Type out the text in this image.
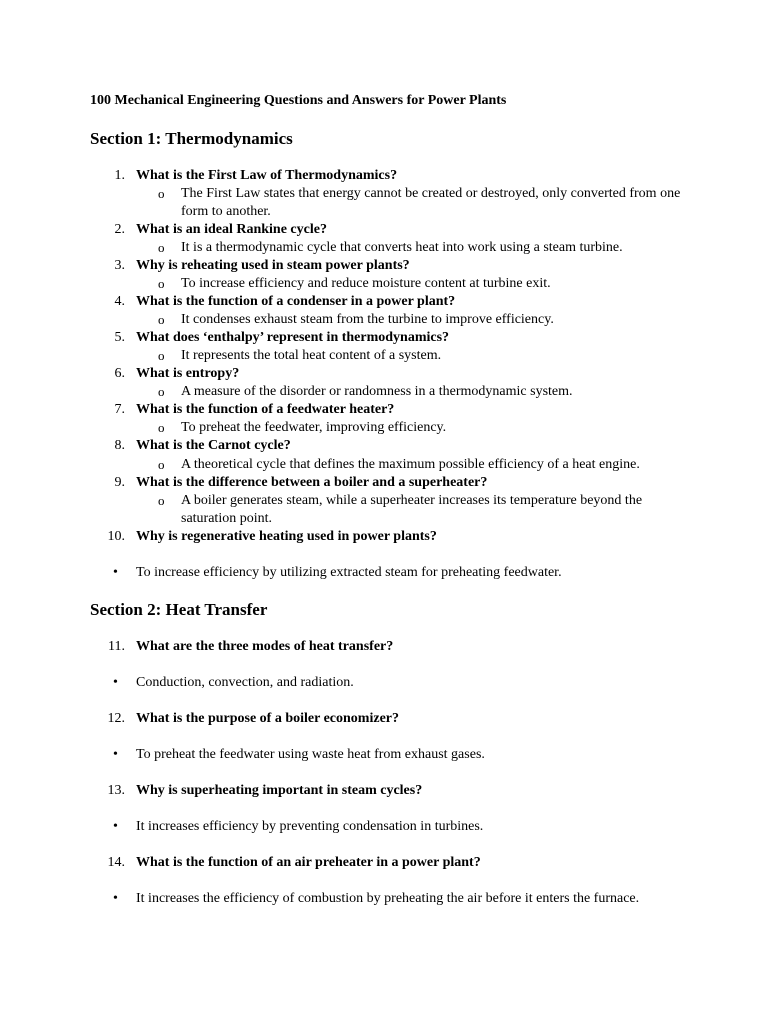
100 Mechanical Engineering Questions and Answers for Power Plants
Section 1: Thermodynamics
1. What is the First Law of Thermodynamics?
o The First Law states that energy cannot be created or destroyed, only converted from one form to another.
2. What is an ideal Rankine cycle?
o It is a thermodynamic cycle that converts heat into work using a steam turbine.
3. Why is reheating used in steam power plants?
o To increase efficiency and reduce moisture content at turbine exit.
4. What is the function of a condenser in a power plant?
o It condenses exhaust steam from the turbine to improve efficiency.
5. What does ‘enthalpy’ represent in thermodynamics?
o It represents the total heat content of a system.
6. What is entropy?
o A measure of the disorder or randomness in a thermodynamic system.
7. What is the function of a feedwater heater?
o To preheat the feedwater, improving efficiency.
8. What is the Carnot cycle?
o A theoretical cycle that defines the maximum possible efficiency of a heat engine.
9. What is the difference between a boiler and a superheater?
o A boiler generates steam, while a superheater increases its temperature beyond the saturation point.
10. Why is regenerative heating used in power plants?
• To increase efficiency by utilizing extracted steam for preheating feedwater.
Section 2: Heat Transfer
11. What are the three modes of heat transfer?
• Conduction, convection, and radiation.
12. What is the purpose of a boiler economizer?
• To preheat the feedwater using waste heat from exhaust gases.
13. Why is superheating important in steam cycles?
• It increases efficiency by preventing condensation in turbines.
14. What is the function of an air preheater in a power plant?
• It increases the efficiency of combustion by preheating the air before it enters the furnace.
